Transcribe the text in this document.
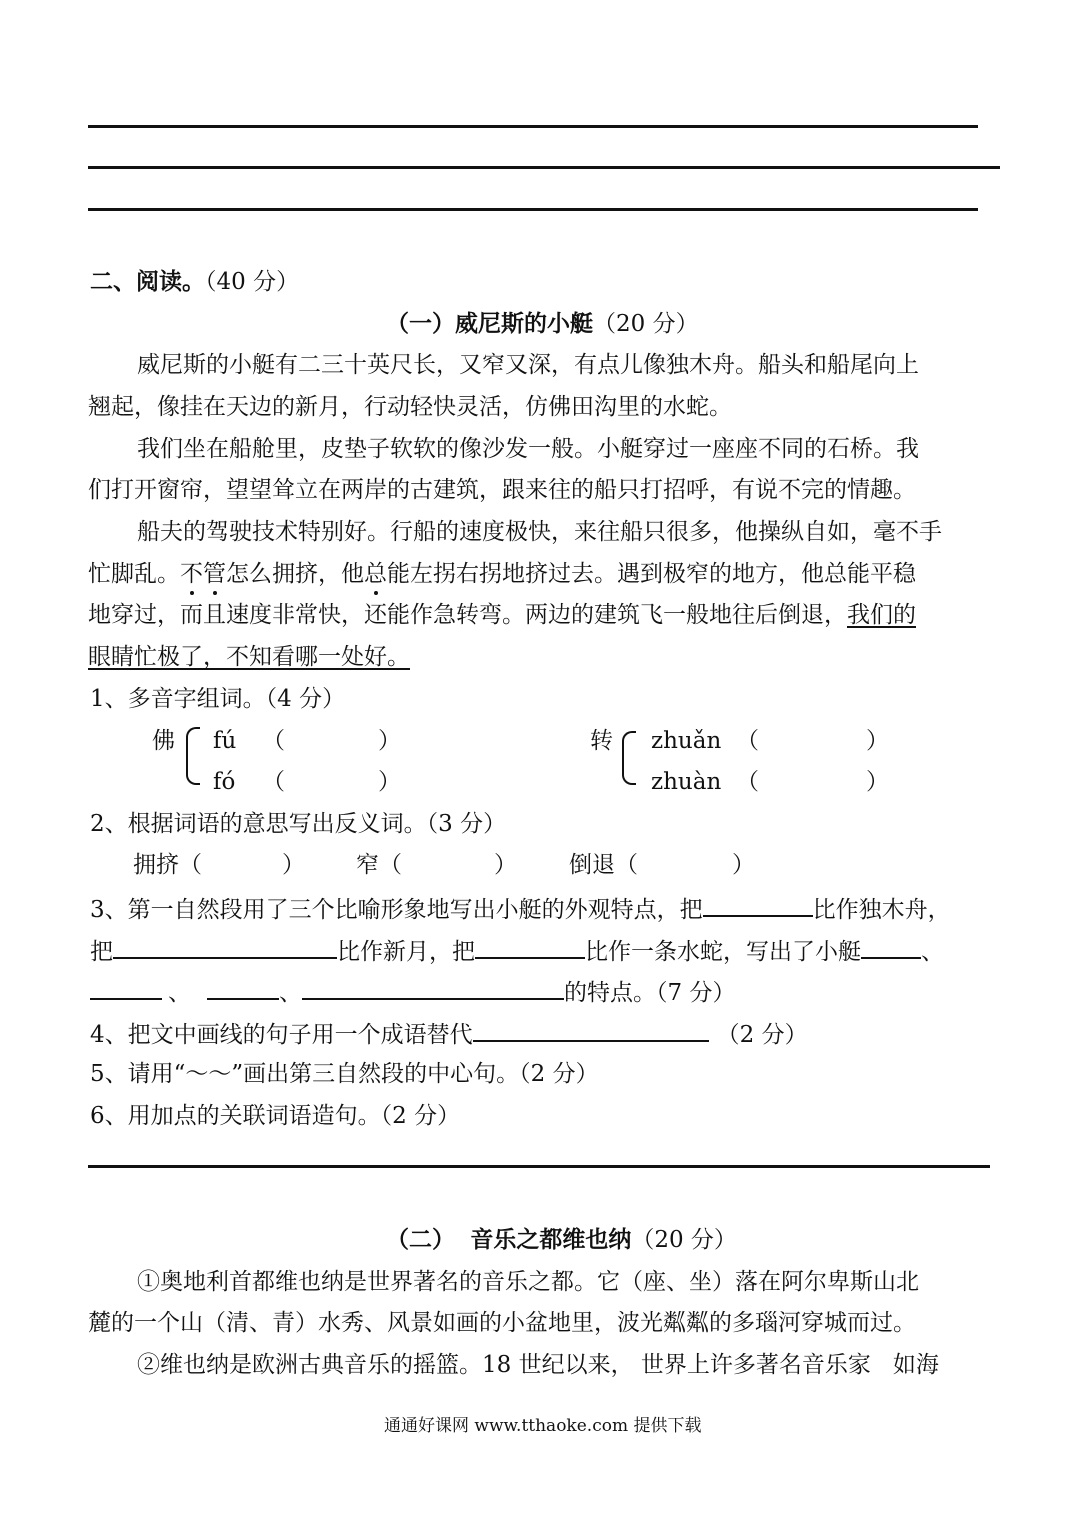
二、阅读。（40 分）
（一）威尼斯的小艇（20 分）
威尼斯的小艇有二三十英尺长，又窄又深，有点儿像独木舟。船头和船尾向上
翘起，像挂在天边的新月，行动轻快灵活，仿佛田沟里的水蛇。
我们坐在船舱里，皮垫子软软的像沙发一般。小艇穿过一座座不同的石桥。我
们打开窗帘，望望耸立在两岸的古建筑，跟来往的船只打招呼，有说不完的情趣。
船夫的驾驶技术特别好。行船的速度极快，来往船只很多，他操纵自如，毫不手
忙脚乱。不管怎么拥挤，他总能左拐右拐地挤过去。遇到极窄的地方，他总能平稳
地穿过，而且速度非常快，还能作急转弯。两边的建筑飞一般地往后倒退，我们的
眼睛忙极了，不知看哪一处好。
1、多音字组词。（4 分）
佛 fú （	）
fó （	）
转 zhuǎn （	）
zhuàn （	）
2、根据词语的意思写出反义词。（3 分）
拥挤（	） 窄（	） 倒退（	）
3、第一自然段用了三个比喻形象地写出小艇的外观特点，把	比作独木舟，
把	比作新月，把	比作一条水蛇，写出了小艇	、
、	、	的特点。（7 分）
4、把文中画线的句子用一个成语替代	（2 分）
5、请用“～～”画出第三自然段的中心句。（2 分）
6、用加点的关联词语造句。（2 分）
（二） 音乐之都维也纳（20 分）
①奥地利首都维也纳是世界著名的音乐之都。它（座、坐）落在阿尔卑斯山北
麓的一个山（清、青）水秀、风景如画的小盆地里，波光粼粼的多瑙河穿城而过。
②维也纳是欧洲古典音乐的摇篮。18 世纪以来， 世界上许多著名音乐家   如海
通通好课网 www.tthaoke.com 提供下载
